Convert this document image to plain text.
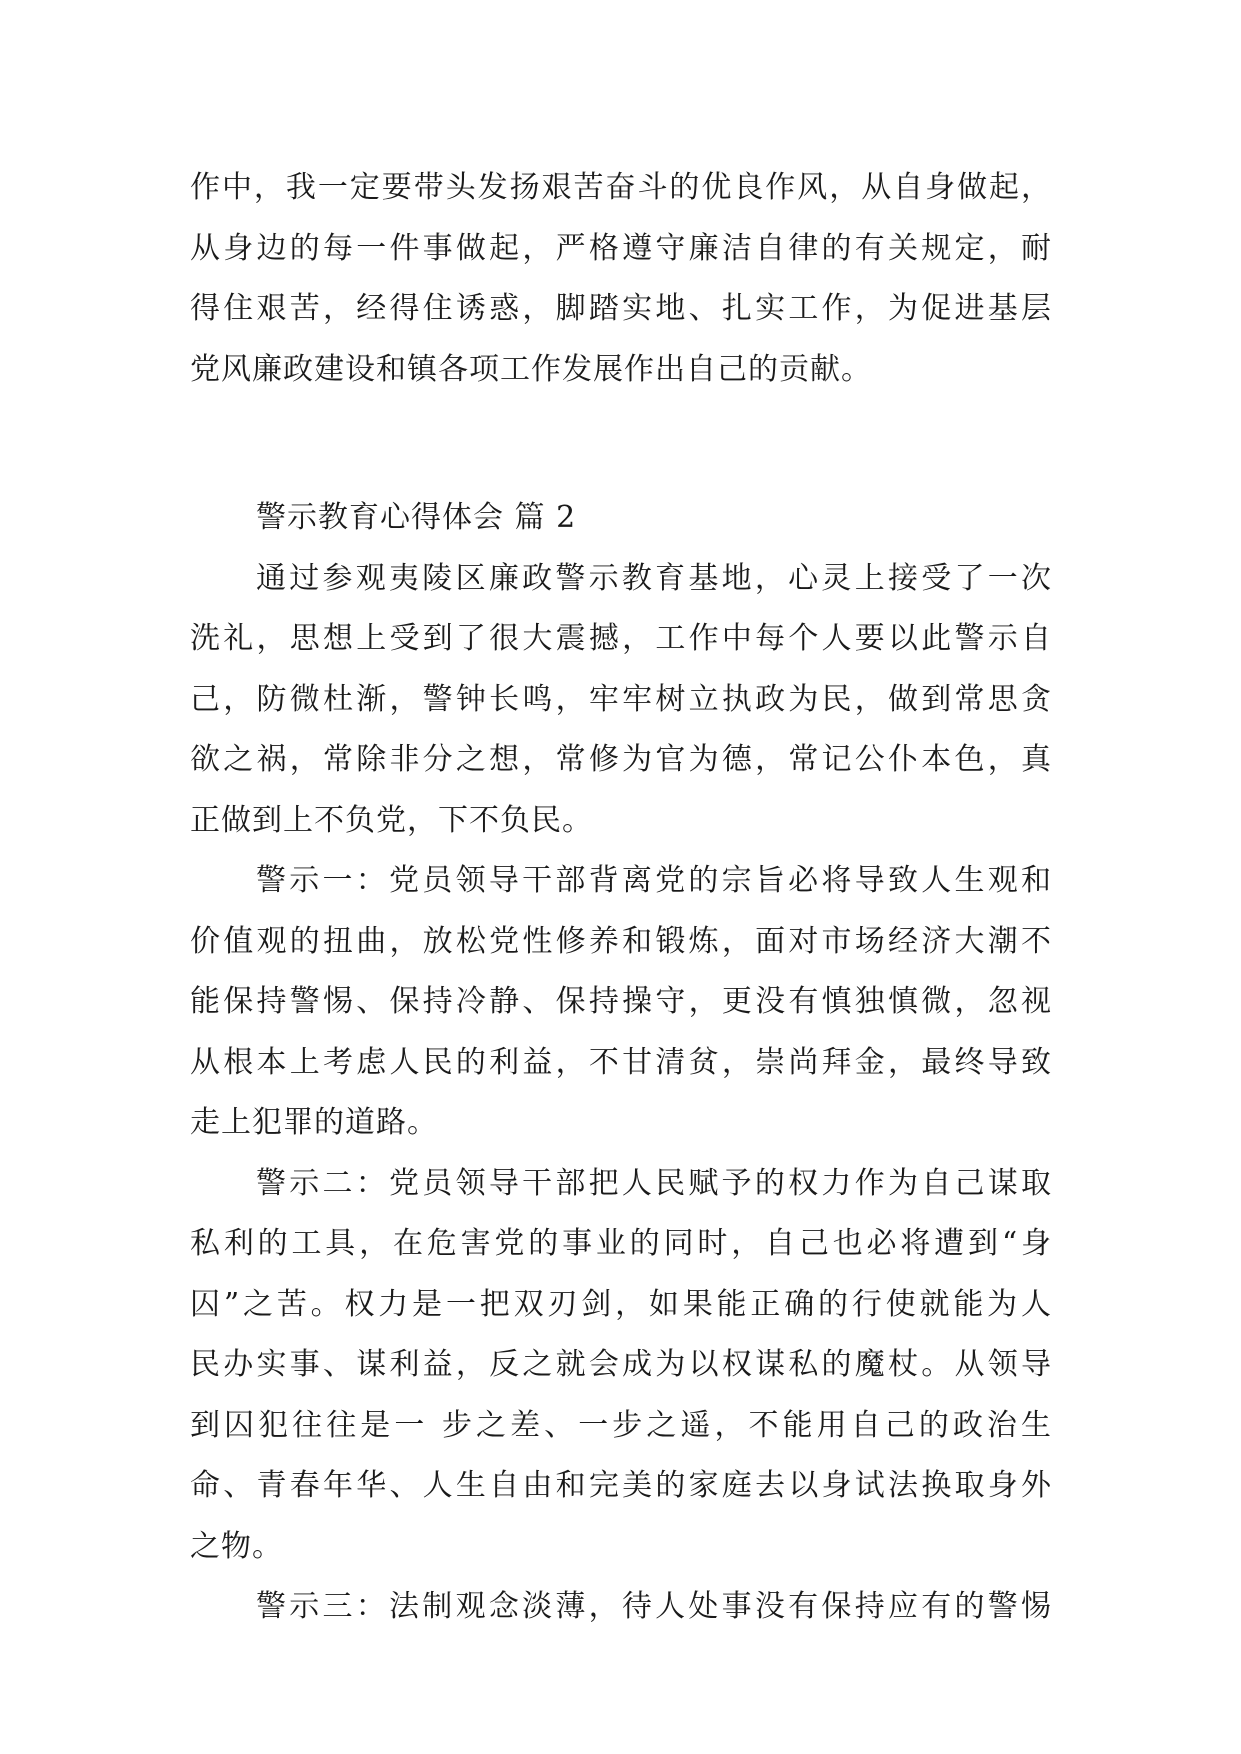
作中，我一定要带头发扬艰苦奋斗的优良作风，从自身做起，
从身边的每一件事做起，严格遵守廉洁自律的有关规定，耐
得住艰苦，经得住诱惑，脚踏实地、扎实工作，为促进基层
党风廉政建设和镇各项工作发展作出自己的贡献。
警示教育心得体会 篇 2
通过参观夷陵区廉政警示教育基地，心灵上接受了一次
洗礼，思想上受到了很大震撼，工作中每个人要以此警示自
己，防微杜渐，警钟长鸣，牢牢树立执政为民，做到常思贪
欲之祸，常除非分之想，常修为官为德，常记公仆本色，真
正做到上不负党，下不负民。
警示一：党员领导干部背离党的宗旨必将导致人生观和
价值观的扭曲，放松党性修养和锻炼，面对市场经济大潮不
能保持警惕、保持冷静、保持操守，更没有慎独慎微，忽视
从根本上考虑人民的利益，不甘清贫，崇尚拜金，最终导致
走上犯罪的道路。
警示二：党员领导干部把人民赋予的权力作为自己谋取
私利的工具，在危害党的事业的同时，自己也必将遭到“身
囚”之苦。权力是一把双刃剑，如果能正确的行使就能为人
民办实事、谋利益，反之就会成为以权谋私的魔杖。从领导
到囚犯往往是一 步之差、一步之遥，不能用自己的政治生
命、青春年华、人生自由和完美的家庭去以身试法换取身外
之物。
警示三：法制观念淡薄，待人处事没有保持应有的警惕
